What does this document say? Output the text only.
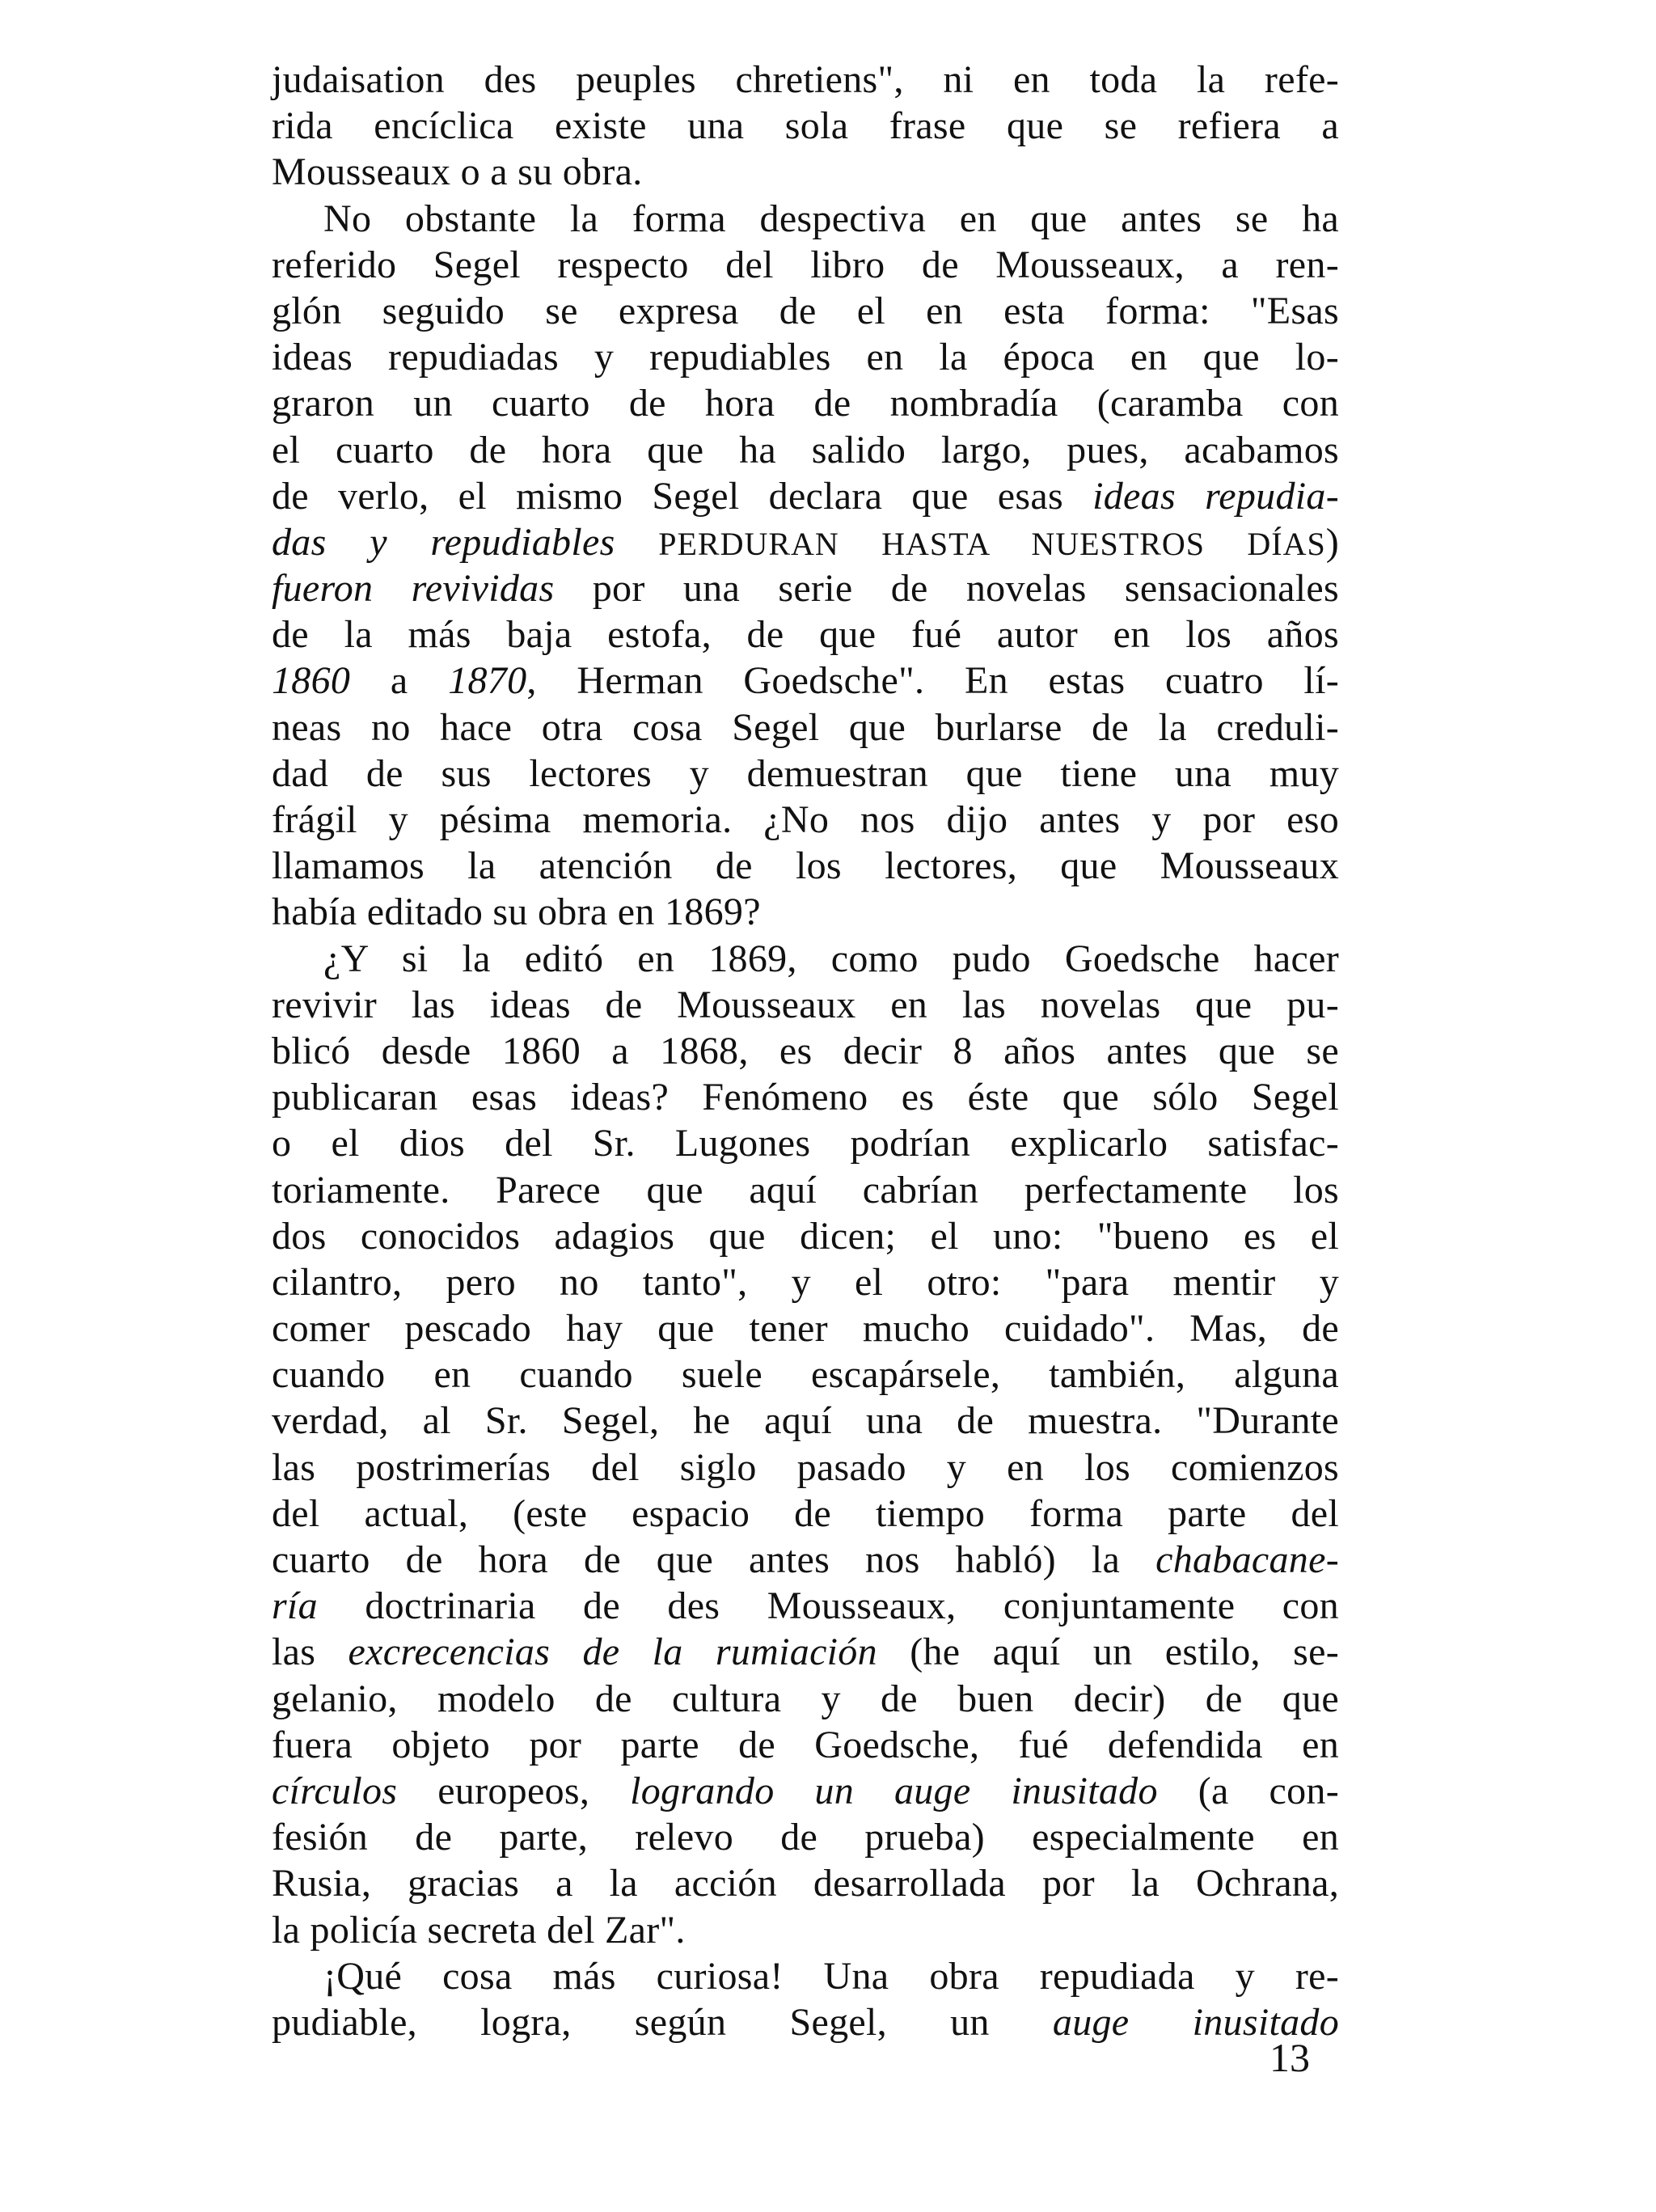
judaisation des peuples chretiens", ni en toda la refe-
rida encíclica existe una sola frase que se refiera a
Mousseaux o a su obra.
No obstante la forma despectiva en que antes se ha
referido Segel respecto del libro de Mousseaux, a ren-
glón seguido se expresa de el en esta forma: "Esas
ideas repudiadas y repudiables en la época en que lo-
graron un cuarto de hora de nombradía (caramba con
el cuarto de hora que ha salido largo, pues, acabamos
de verlo, el mismo Segel declara que esas ideas repudia-
das y repudiables PERDURAN HASTA NUESTROS DÍAS)
fueron revividas por una serie de novelas sensacionales
de la más baja estofa, de que fué autor en los años
1860 a 1870, Herman Goedsche". En estas cuatro lí-
neas no hace otra cosa Segel que burlarse de la creduli-
dad de sus lectores y demuestran que tiene una muy
frágil y pésima memoria. ¿No nos dijo antes y por eso
llamamos la atención de los lectores, que Mousseaux
había editado su obra en 1869?
¿Y si la editó en 1869, como pudo Goedsche hacer
revivir las ideas de Mousseaux en las novelas que pu-
blicó desde 1860 a 1868, es decir 8 años antes que se
publicaran esas ideas? Fenómeno es éste que sólo Segel
o el dios del Sr. Lugones podrían explicarlo satisfac-
toriamente. Parece que aquí cabrían perfectamente los
dos conocidos adagios que dicen; el uno: "bueno es el
cilantro, pero no tanto", y el otro: "para mentir y
comer pescado hay que tener mucho cuidado". Mas, de
cuando en cuando suele escapársele, también, alguna
verdad, al Sr. Segel, he aquí una de muestra. "Durante
las postrimerías del siglo pasado y en los comienzos
del actual, (este espacio de tiempo forma parte del
cuarto de hora de que antes nos habló) la chabacane-
ría doctrinaria de des Mousseaux, conjuntamente con
las excrecencias de la rumiación (he aquí un estilo, se-
gelanio, modelo de cultura y de buen decir) de que
fuera objeto por parte de Goedsche, fué defendida en
círculos europeos, logrando un auge inusitado (a con-
fesión de parte, relevo de prueba) especialmente en
Rusia, gracias a la acción desarrollada por la Ochrana,
la policía secreta del Zar".
¡Qué cosa más curiosa! Una obra repudiada y re-
pudiable, logra, según Segel, un auge inusitado
13
